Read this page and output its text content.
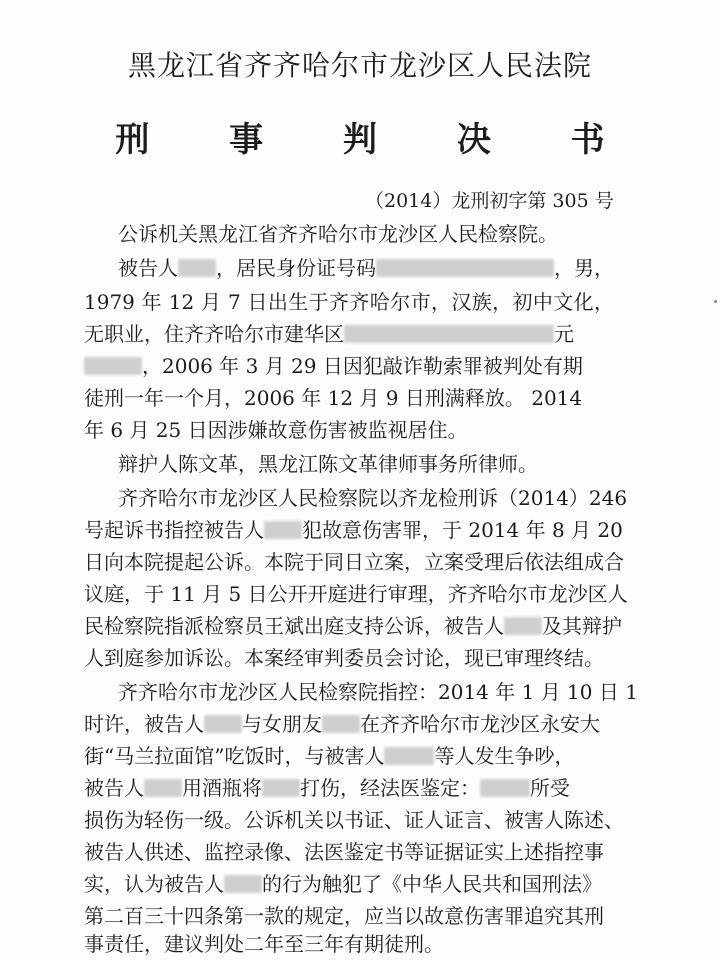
黑龙江省齐齐哈尔市龙沙区人民法院
刑 事 判 决 书
（2014）龙刑初字第 305 号
公诉机关黑龙江省齐齐哈尔市龙沙区人民检察院。
被告人 ，居民身份证号码	，男，
1979 年 12 月 7 日出生于齐齐哈尔市，汉族，初中文化，
无职业，住齐齐哈尔市建华区	元
，2006 年 3 月 29 日因犯敲诈勒索罪被判处有期
徒刑一年一个月，2006 年 12 月 9 日刑满释放。 2014
年 6 月 25 日因涉嫌故意伤害被监视居住。
辩护人陈文革，黑龙江陈文革律师事务所律师。
齐齐哈尔市龙沙区人民检察院以齐龙检刑诉（2014）246
号起诉书指控被告人 犯故意伤害罪，于 2014 年 8 月 20
日向本院提起公诉。本院于同日立案，立案受理后依法组成合
议庭，于 11 月 5 日公开开庭进行审理，齐齐哈尔市龙沙区人
民检察院指派检察员王斌出庭支持公诉，被告人 及其辩护
人到庭参加诉讼。本案经审判委员会讨论，现已审理终结。
齐齐哈尔市龙沙区人民检察院指控：2014 年 1 月 10 日 1
时许，被告人 与女朋友 在齐齐哈尔市龙沙区永安大
街“马兰拉面馆”吃饭时，与被害人	等人发生争吵，
被告人 用酒瓶将 打伤，经法医鉴定：	所受
损伤为轻伤一级。公诉机关以书证、证人证言、被害人陈述、
被告人供述、监控录像、法医鉴定书等证据证实上述指控事
实，认为被告人 的行为触犯了《中华人民共和国刑法》
第二百三十四条第一款的规定，应当以故意伤害罪追究其刑
事责任，建议判处二年至三年有期徒刑。
